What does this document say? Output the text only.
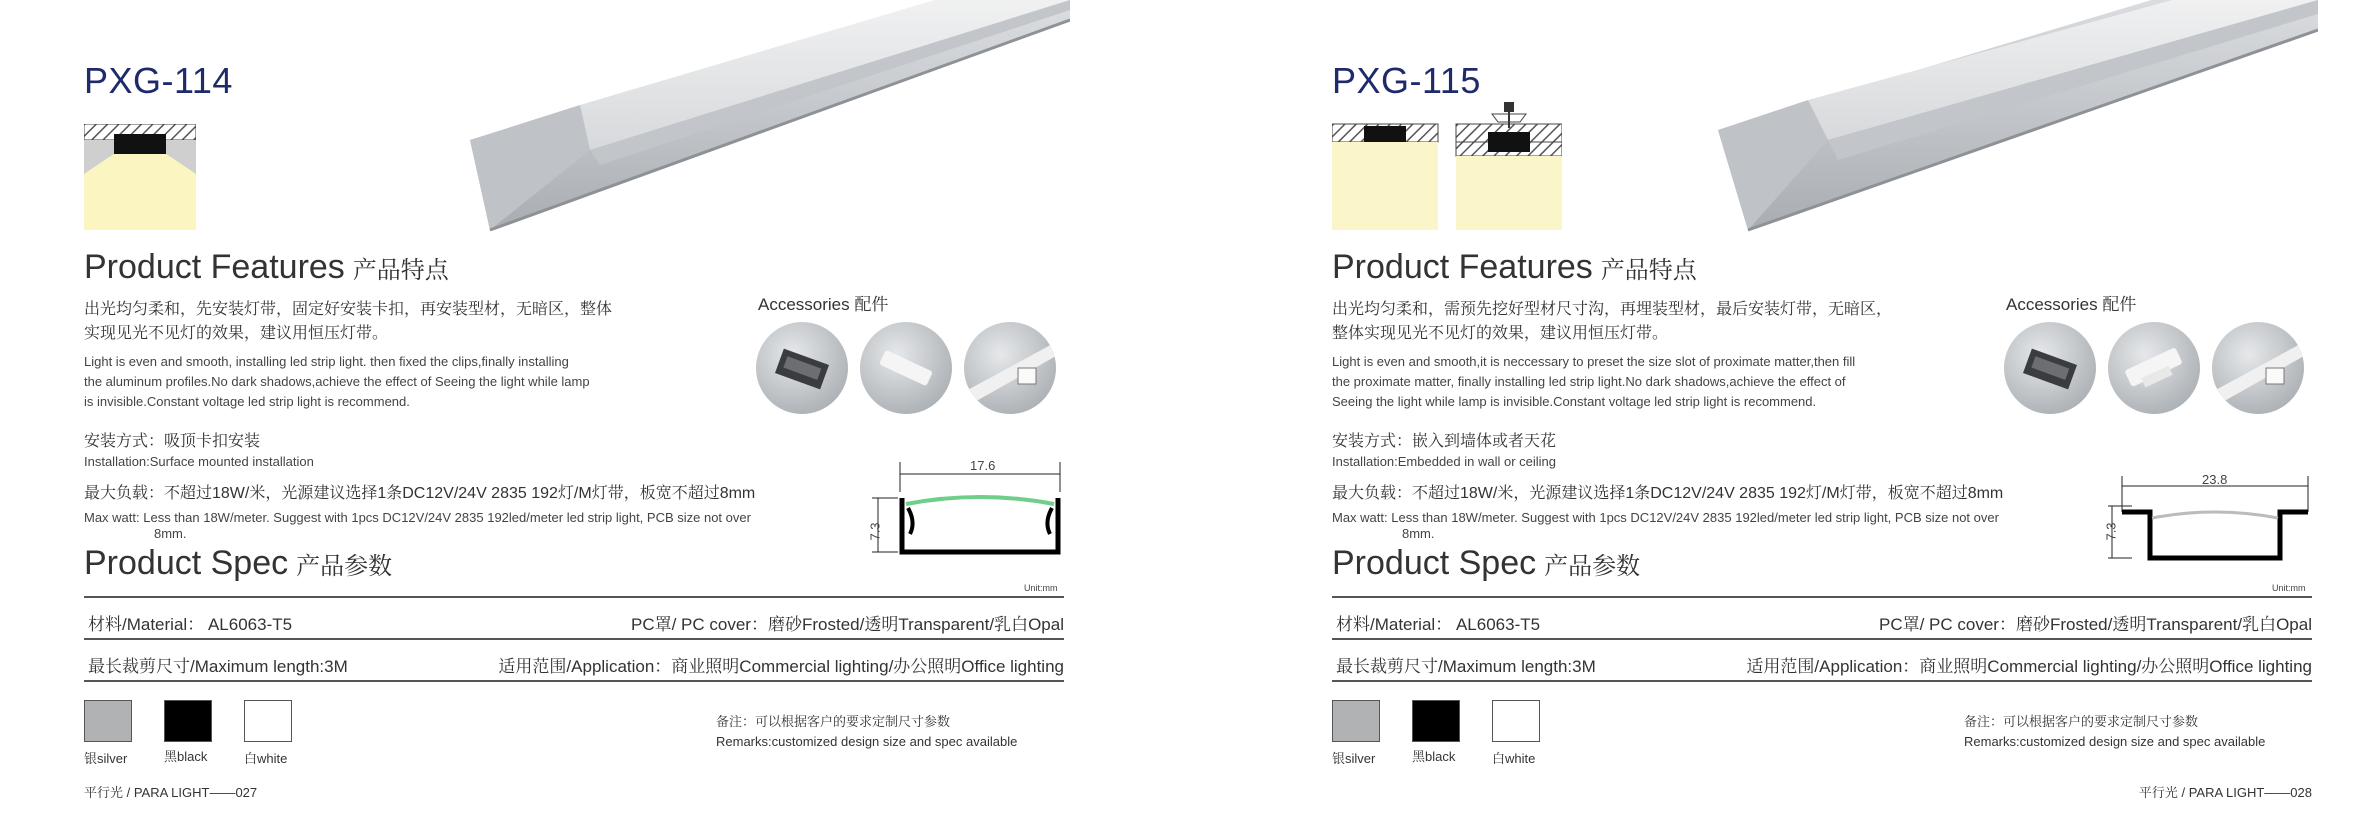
PXG-114
Product Features 产品特点
出光均匀柔和，先安装灯带，固定好安装卡扣，再安装型材，无暗区，整体
实现见光不见灯的效果，建议用恒压灯带。
Light is even and smooth, installing led strip light. then fixed the clips,finally installing
the aluminum profiles.No dark shadows,achieve the effect of Seeing the light while lamp
is invisible.Constant voltage led strip light is recommend.
Accessories 配件
安装方式：吸顶卡扣安装
Installation:Surface mounted installation
最大负载：不超过18W/米，光源建议选择1条DC12V/24V 2835 192灯/M灯带，板宽不超过8mm
Max watt: Less than 18W/meter. Suggest with 1pcs DC12V/24V 2835 192led/meter led strip light, PCB size not over
8mm.
17.6
7.3
Unit:mm
Product Spec 产品参数
材料/Material： AL6063-T5	PC罩/ PC cover：磨砂Frosted/透明Transparent/乳白Opal
最长裁剪尺寸/Maximum length:3M	适用范围/Application：商业照明Commercial lighting/办公照明Office lighting
银silver	黑black	白white
备注：可以根据客户的要求定制尺寸参数
Remarks:customized design size and spec available
平行光 / PARA LIGHT——027
PXG-115
Product Features 产品特点
出光均匀柔和，需预先挖好型材尺寸沟，再埋装型材，最后安装灯带，无暗区，
整体实现见光不见灯的效果，建议用恒压灯带。
Light is even and smooth,it is neccessary to preset the size slot of proximate matter,then fill
the proximate matter, finally installing led strip light.No dark shadows,achieve the effect of
Seeing the light while lamp is invisible.Constant voltage led strip light is recommend.
Accessories 配件
安装方式：嵌入到墙体或者天花
Installation:Embedded in wall or ceiling
最大负载：不超过18W/米，光源建议选择1条DC12V/24V 2835 192灯/M灯带，板宽不超过8mm
Max watt: Less than 18W/meter. Suggest with 1pcs DC12V/24V 2835 192led/meter led strip light, PCB size not over
8mm.
23.8
7.3
Unit:mm
Product Spec 产品参数
材料/Material： AL6063-T5	PC罩/ PC cover：磨砂Frosted/透明Transparent/乳白Opal
最长裁剪尺寸/Maximum length:3M	适用范围/Application：商业照明Commercial lighting/办公照明Office lighting
银silver	黑black	白white
备注：可以根据客户的要求定制尺寸参数
Remarks:customized design size and spec available
平行光 / PARA LIGHT——028
